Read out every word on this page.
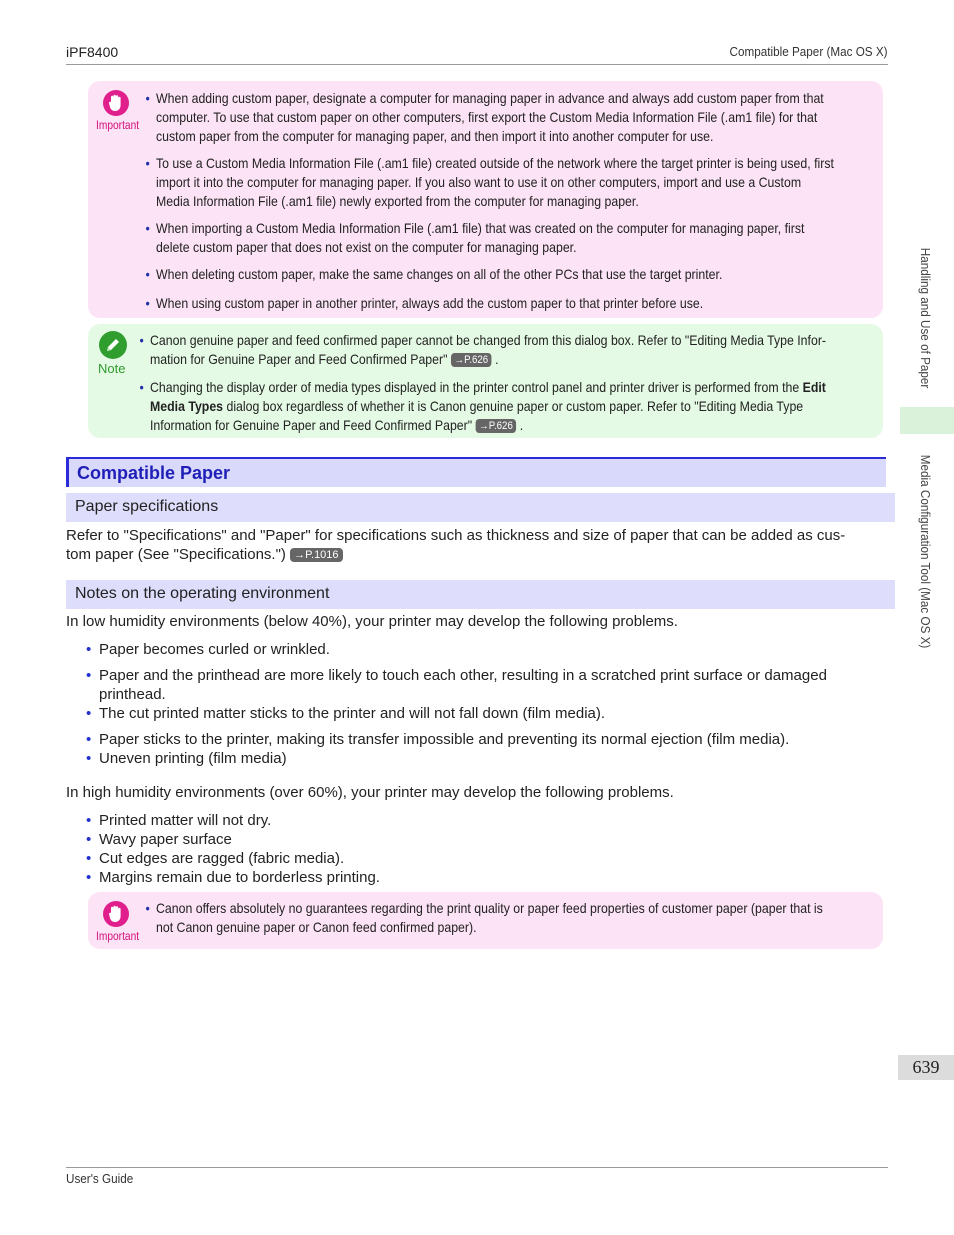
iPF8400	Compatible Paper (Mac OS X)
Handling and Use of Paper
Media Configuration Tool (Mac OS X)
639
Important
• When adding custom paper, designate a computer for managing paper in advance and always add custom paper from that
computer. To use that custom paper on other computers, first export the Custom Media Information File (.am1 file) for that
custom paper from the computer for managing paper, and then import it into another computer for use.
• To use a Custom Media Information File (.am1 file) created outside of the network where the target printer is being used, first
import it into the computer for managing paper. If you also want to use it on other computers, import and use a Custom
Media Information File (.am1 file) newly exported from the computer for managing paper.
• When importing a Custom Media Information File (.am1 file) that was created on the computer for managing paper, first
delete custom paper that does not exist on the computer for managing paper.
• When deleting custom paper, make the same changes on all of the other PCs that use the target printer.
• When using custom paper in another printer, always add the custom paper to that printer before use.
Note
• Canon genuine paper and feed confirmed paper cannot be changed from this dialog box. Refer to "Editing Media Type Infor-
mation for Genuine Paper and Feed Confirmed Paper" →P.626 .
• Changing the display order of media types displayed in the printer control panel and printer driver is performed from the Edit
Media Types dialog box regardless of whether it is Canon genuine paper or custom paper. Refer to "Editing Media Type
Information for Genuine Paper and Feed Confirmed Paper" →P.626 .
Compatible Paper
Paper specifications
Refer to "Specifications" and "Paper" for specifications such as thickness and size of paper that can be added as cus-
tom paper (See "Specifications.") →P.1016
Notes on the operating environment
In low humidity environments (below 40%), your printer may develop the following problems.
• Paper becomes curled or wrinkled.
• Paper and the printhead are more likely to touch each other, resulting in a scratched print surface or damaged
printhead.
• The cut printed matter sticks to the printer and will not fall down (film media).
• Paper sticks to the printer, making its transfer impossible and preventing its normal ejection (film media).
• Uneven printing (film media)
In high humidity environments (over 60%), your printer may develop the following problems.
• Printed matter will not dry.
• Wavy paper surface
• Cut edges are ragged (fabric media).
• Margins remain due to borderless printing.
Important
• Canon offers absolutely no guarantees regarding the print quality or paper feed properties of customer paper (paper that is
not Canon genuine paper or Canon feed confirmed paper).
User's Guide
